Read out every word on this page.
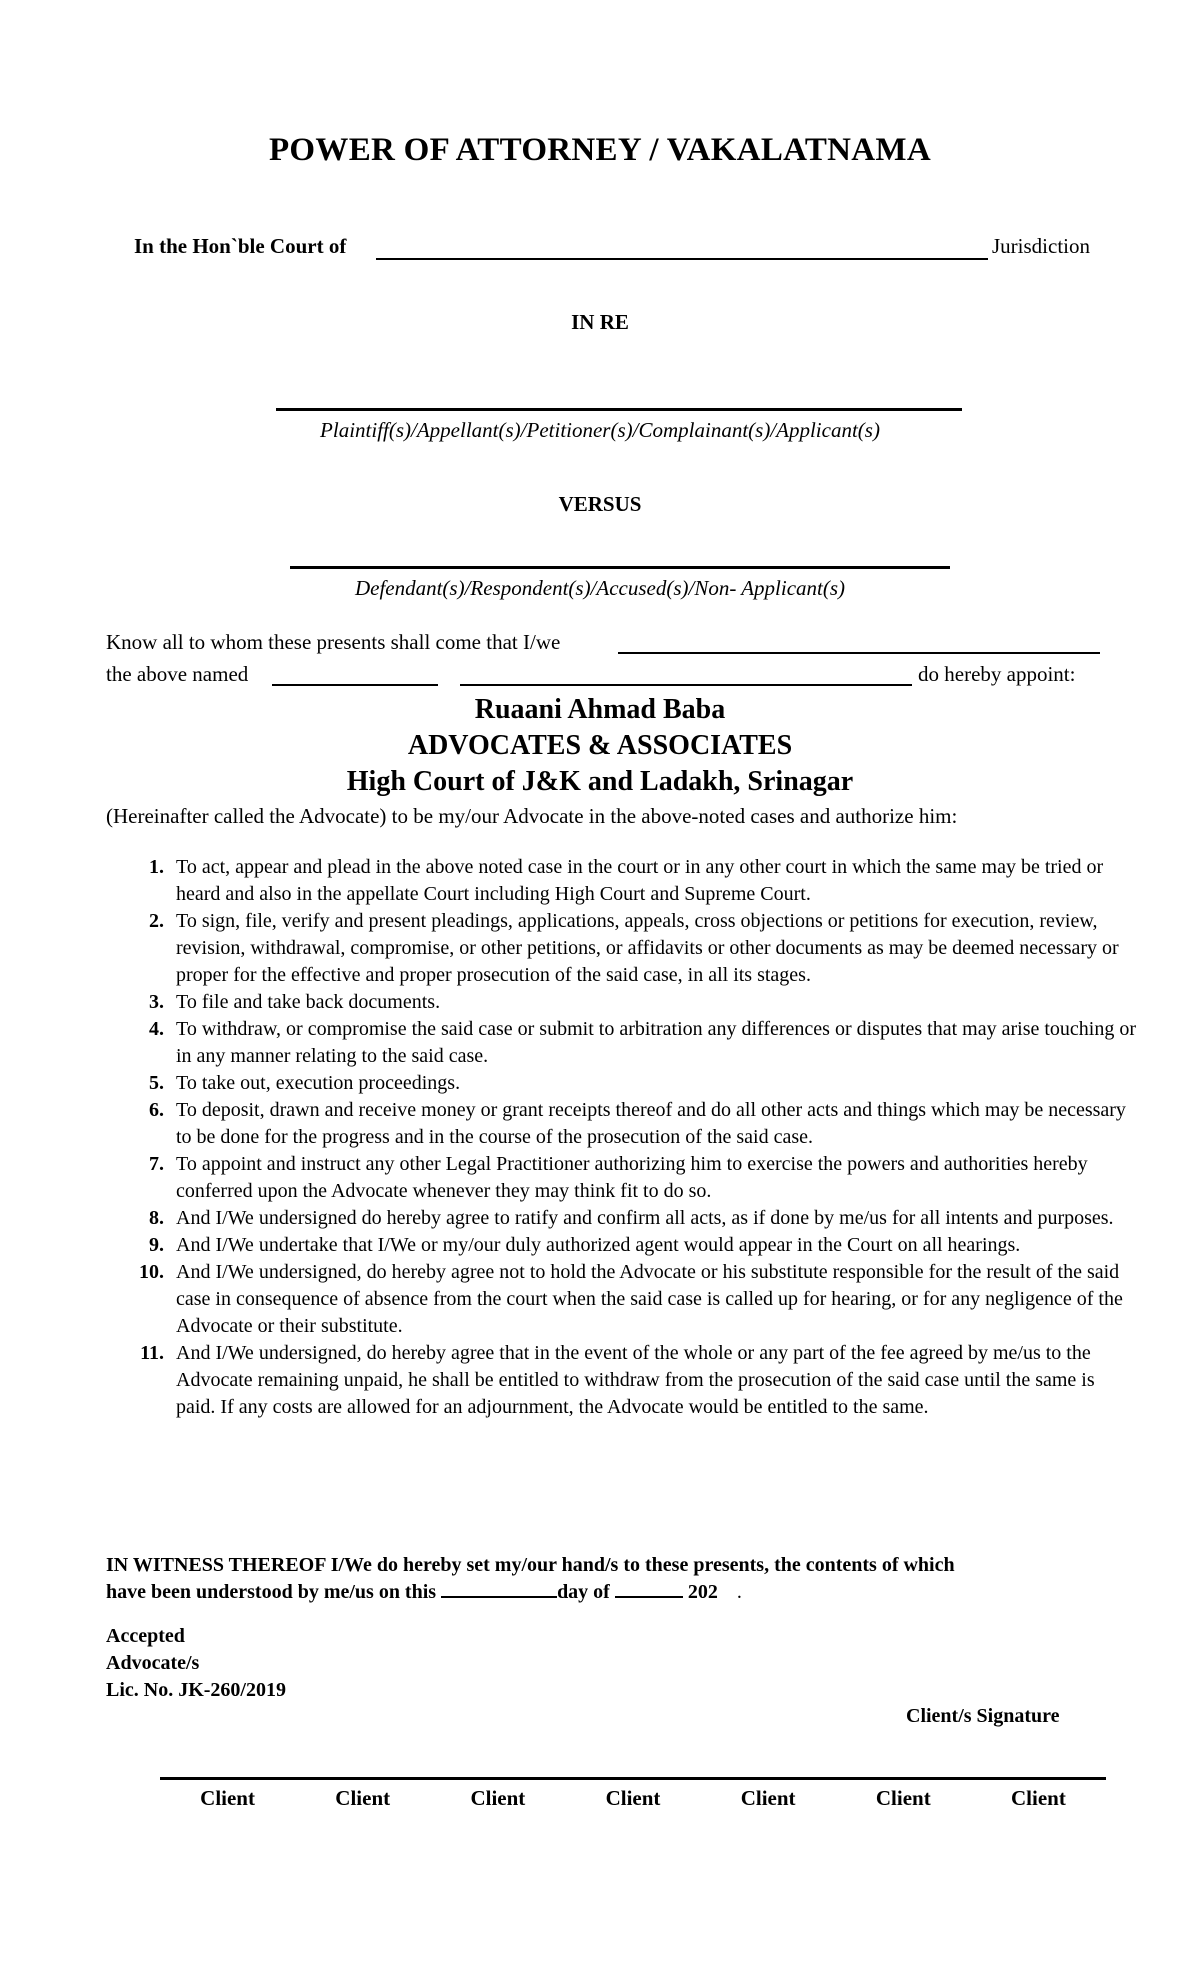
POWER OF ATTORNEY / VAKALATNAMA
In the Hon`ble Court of	Jurisdiction
IN RE
Plaintiff(s)/Appellant(s)/Petitioner(s)/Complainant(s)/Applicant(s)
VERSUS
Defendant(s)/Respondent(s)/Accused(s)/Non- Applicant(s)
Know all to whom these presents shall come that I/we
the above named	do hereby appoint:
Ruaani Ahmad Baba
ADVOCATES & ASSOCIATES
High Court of J&K and Ladakh, Srinagar
(Hereinafter called the Advocate) to be my/our Advocate in the above-noted cases and authorize him:
1. To act, appear and plead in the above noted case in the court or in any other court in which the same may be tried or heard and also in the appellate Court including High Court and Supreme Court.
2. To sign, file, verify and present pleadings, applications, appeals, cross objections or petitions for execution, review, revision, withdrawal, compromise, or other petitions, or affidavits or other documents as may be deemed necessary or proper for the effective and proper prosecution of the said case, in all its stages.
3. To file and take back documents.
4. To withdraw, or compromise the said case or submit to arbitration any differences or disputes that may arise touching or in any manner relating to the said case.
5. To take out, execution proceedings.
6. To deposit, drawn and receive money or grant receipts thereof and do all other acts and things which may be necessary to be done for the progress and in the course of the prosecution of the said case.
7. To appoint and instruct any other Legal Practitioner authorizing him to exercise the powers and authorities hereby conferred upon the Advocate whenever they may think fit to do so.
8. And I/We undersigned do hereby agree to ratify and confirm all acts, as if done by me/us for all intents and purposes.
9. And I/We undertake that I/We or my/our duly authorized agent would appear in the Court on all hearings.
10. And I/We undersigned, do hereby agree not to hold the Advocate or his substitute responsible for the result of the said case in consequence of absence from the court when the said case is called up for hearing, or for any negligence of the Advocate or their substitute.
11. And I/We undersigned, do hereby agree that in the event of the whole or any part of the fee agreed by me/us to the Advocate remaining unpaid, he shall be entitled to withdraw from the prosecution of the said case until the same is paid. If any costs are allowed for an adjournment, the Advocate would be entitled to the same.
IN WITNESS THEREOF I/We do hereby set my/our hand/s to these presents, the contents of which
have been understood by me/us on this	day of	202 .
Accepted
Advocate/s
Lic. No. JK-260/2019
Client/s Signature
Client	Client	Client	Client	Client	Client	Client
